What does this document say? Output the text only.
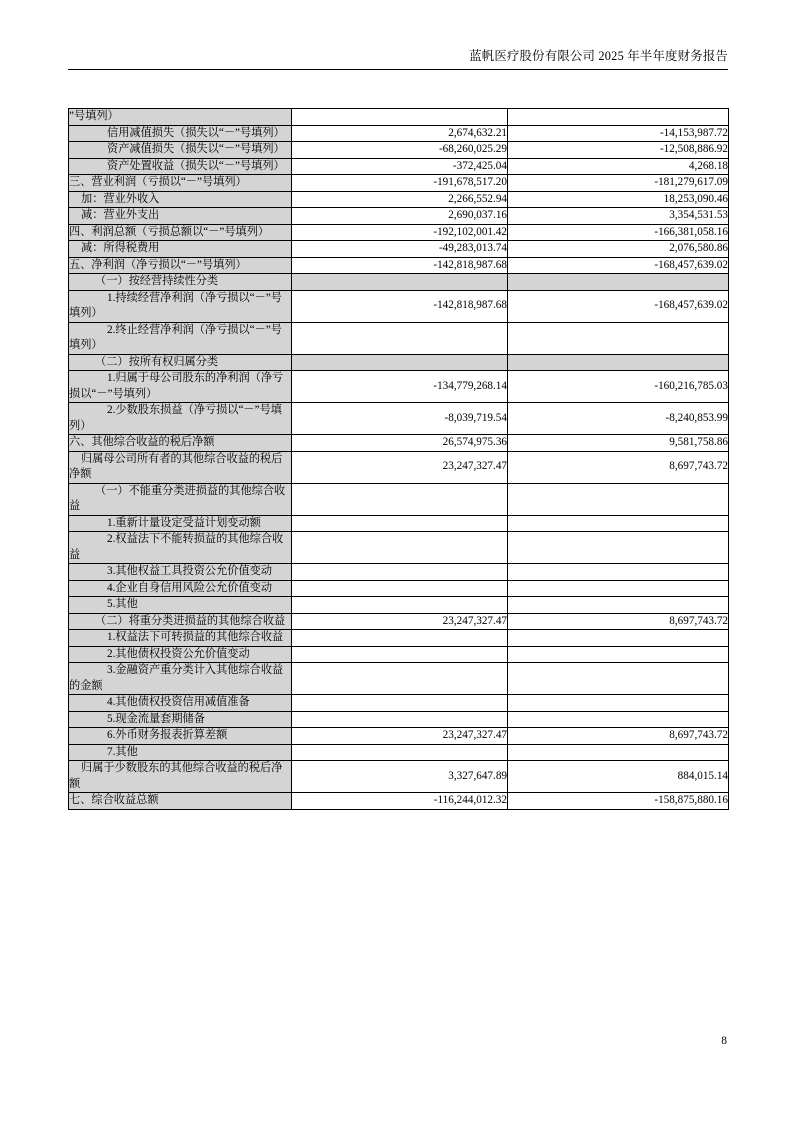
蓝帆医疗股份有限公司 2025 年半年度财务报告
”号填列）		
信用减值损失（损失以“－”号填列）	2,674,632.21	-14,153,987.72
资产减值损失（损失以“－”号填列）	-68,260,025.29	-12,508,886.92
资产处置收益（损失以“－”号填列）	-372,425.04	4,268.18
三、营业利润（亏损以“－”号填列）	-191,678,517.20	-181,279,617.09
加：营业外收入	2,266,552.94	18,253,090.46
减：营业外支出	2,690,037.16	3,354,531.53
四、利润总额（亏损总额以“－”号填列）	-192,102,001.42	-166,381,058.16
减：所得税费用	-49,283,013.74	2,076,580.86
五、净利润（净亏损以“－”号填列）	-142,818,987.68	-168,457,639.02
（一）按经营持续性分类		
1.持续经营净利润（净亏损以“－”号填列）	-142,818,987.68	-168,457,639.02
2.终止经营净利润（净亏损以“－”号填列）		
（二）按所有权归属分类		
1.归属于母公司股东的净利润（净亏损以“－”号填列）	-134,779,268.14	-160,216,785.03
2.少数股东损益（净亏损以“－”号填列）	-8,039,719.54	-8,240,853.99
六、其他综合收益的税后净额	26,574,975.36	9,581,758.86
归属母公司所有者的其他综合收益的税后净额	23,247,327.47	8,697,743.72
（一）不能重分类进损益的其他综合收益		
1.重新计量设定受益计划变动额		
2.权益法下不能转损益的其他综合收益		
3.其他权益工具投资公允价值变动		
4.企业自身信用风险公允价值变动		
5.其他		
（二）将重分类进损益的其他综合收益	23,247,327.47	8,697,743.72
1.权益法下可转损益的其他综合收益		
2.其他债权投资公允价值变动		
3.金融资产重分类计入其他综合收益的金额		
4.其他债权投资信用减值准备		
5.现金流量套期储备		
6.外币财务报表折算差额	23,247,327.47	8,697,743.72
7.其他		
归属于少数股东的其他综合收益的税后净额	3,327,647.89	884,015.14
七、综合收益总额	-116,244,012.32	-158,875,880.16
8
